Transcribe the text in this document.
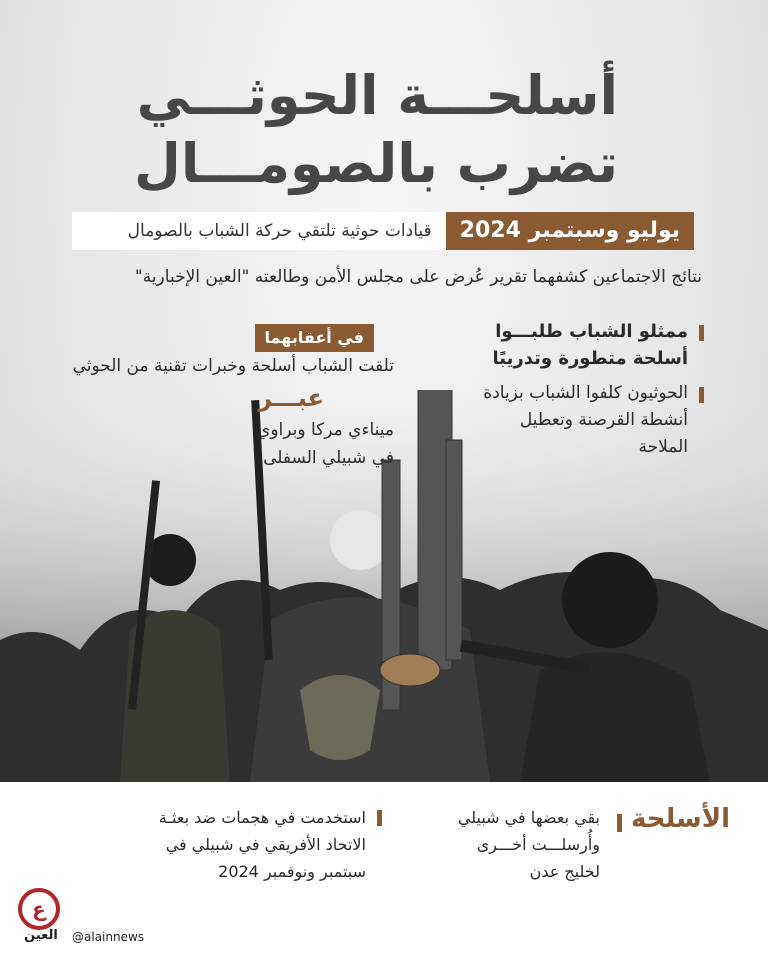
أسلحـــة الحوثـــي
تضرب بالصومـــال
يوليو وسبتمبر 2024
قيادات حوثية تلتقي حركة الشباب بالصومال
نتائج الاجتماعين كشفهما تقرير عُرض على مجلس الأمن وطالعته "العين الإخبارية"
ممثلو الشباب طلبـــوا أسلحة متطورة وتدريبًا
الحوثيون كلفوا الشباب بزيادة أنشطة القرصنة وتعطيل الملاحة
في أعقابهما
تلقت الشباب أسلحة وخبرات تقنية من الحوثي
عبـــر
ميناءي مركا وبراوي
في شبيلي السفلى
الأسلحة
بقي بعضها في شبيلي
وأُرسلـــت أخـــرى
لخليج عدن
استخدمت في هجمات ضد بعثـة
الاتحاد الأفريقي في شبيلي في
سبتمبر ونوفمبر 2024
ع
العين	@alainnews
